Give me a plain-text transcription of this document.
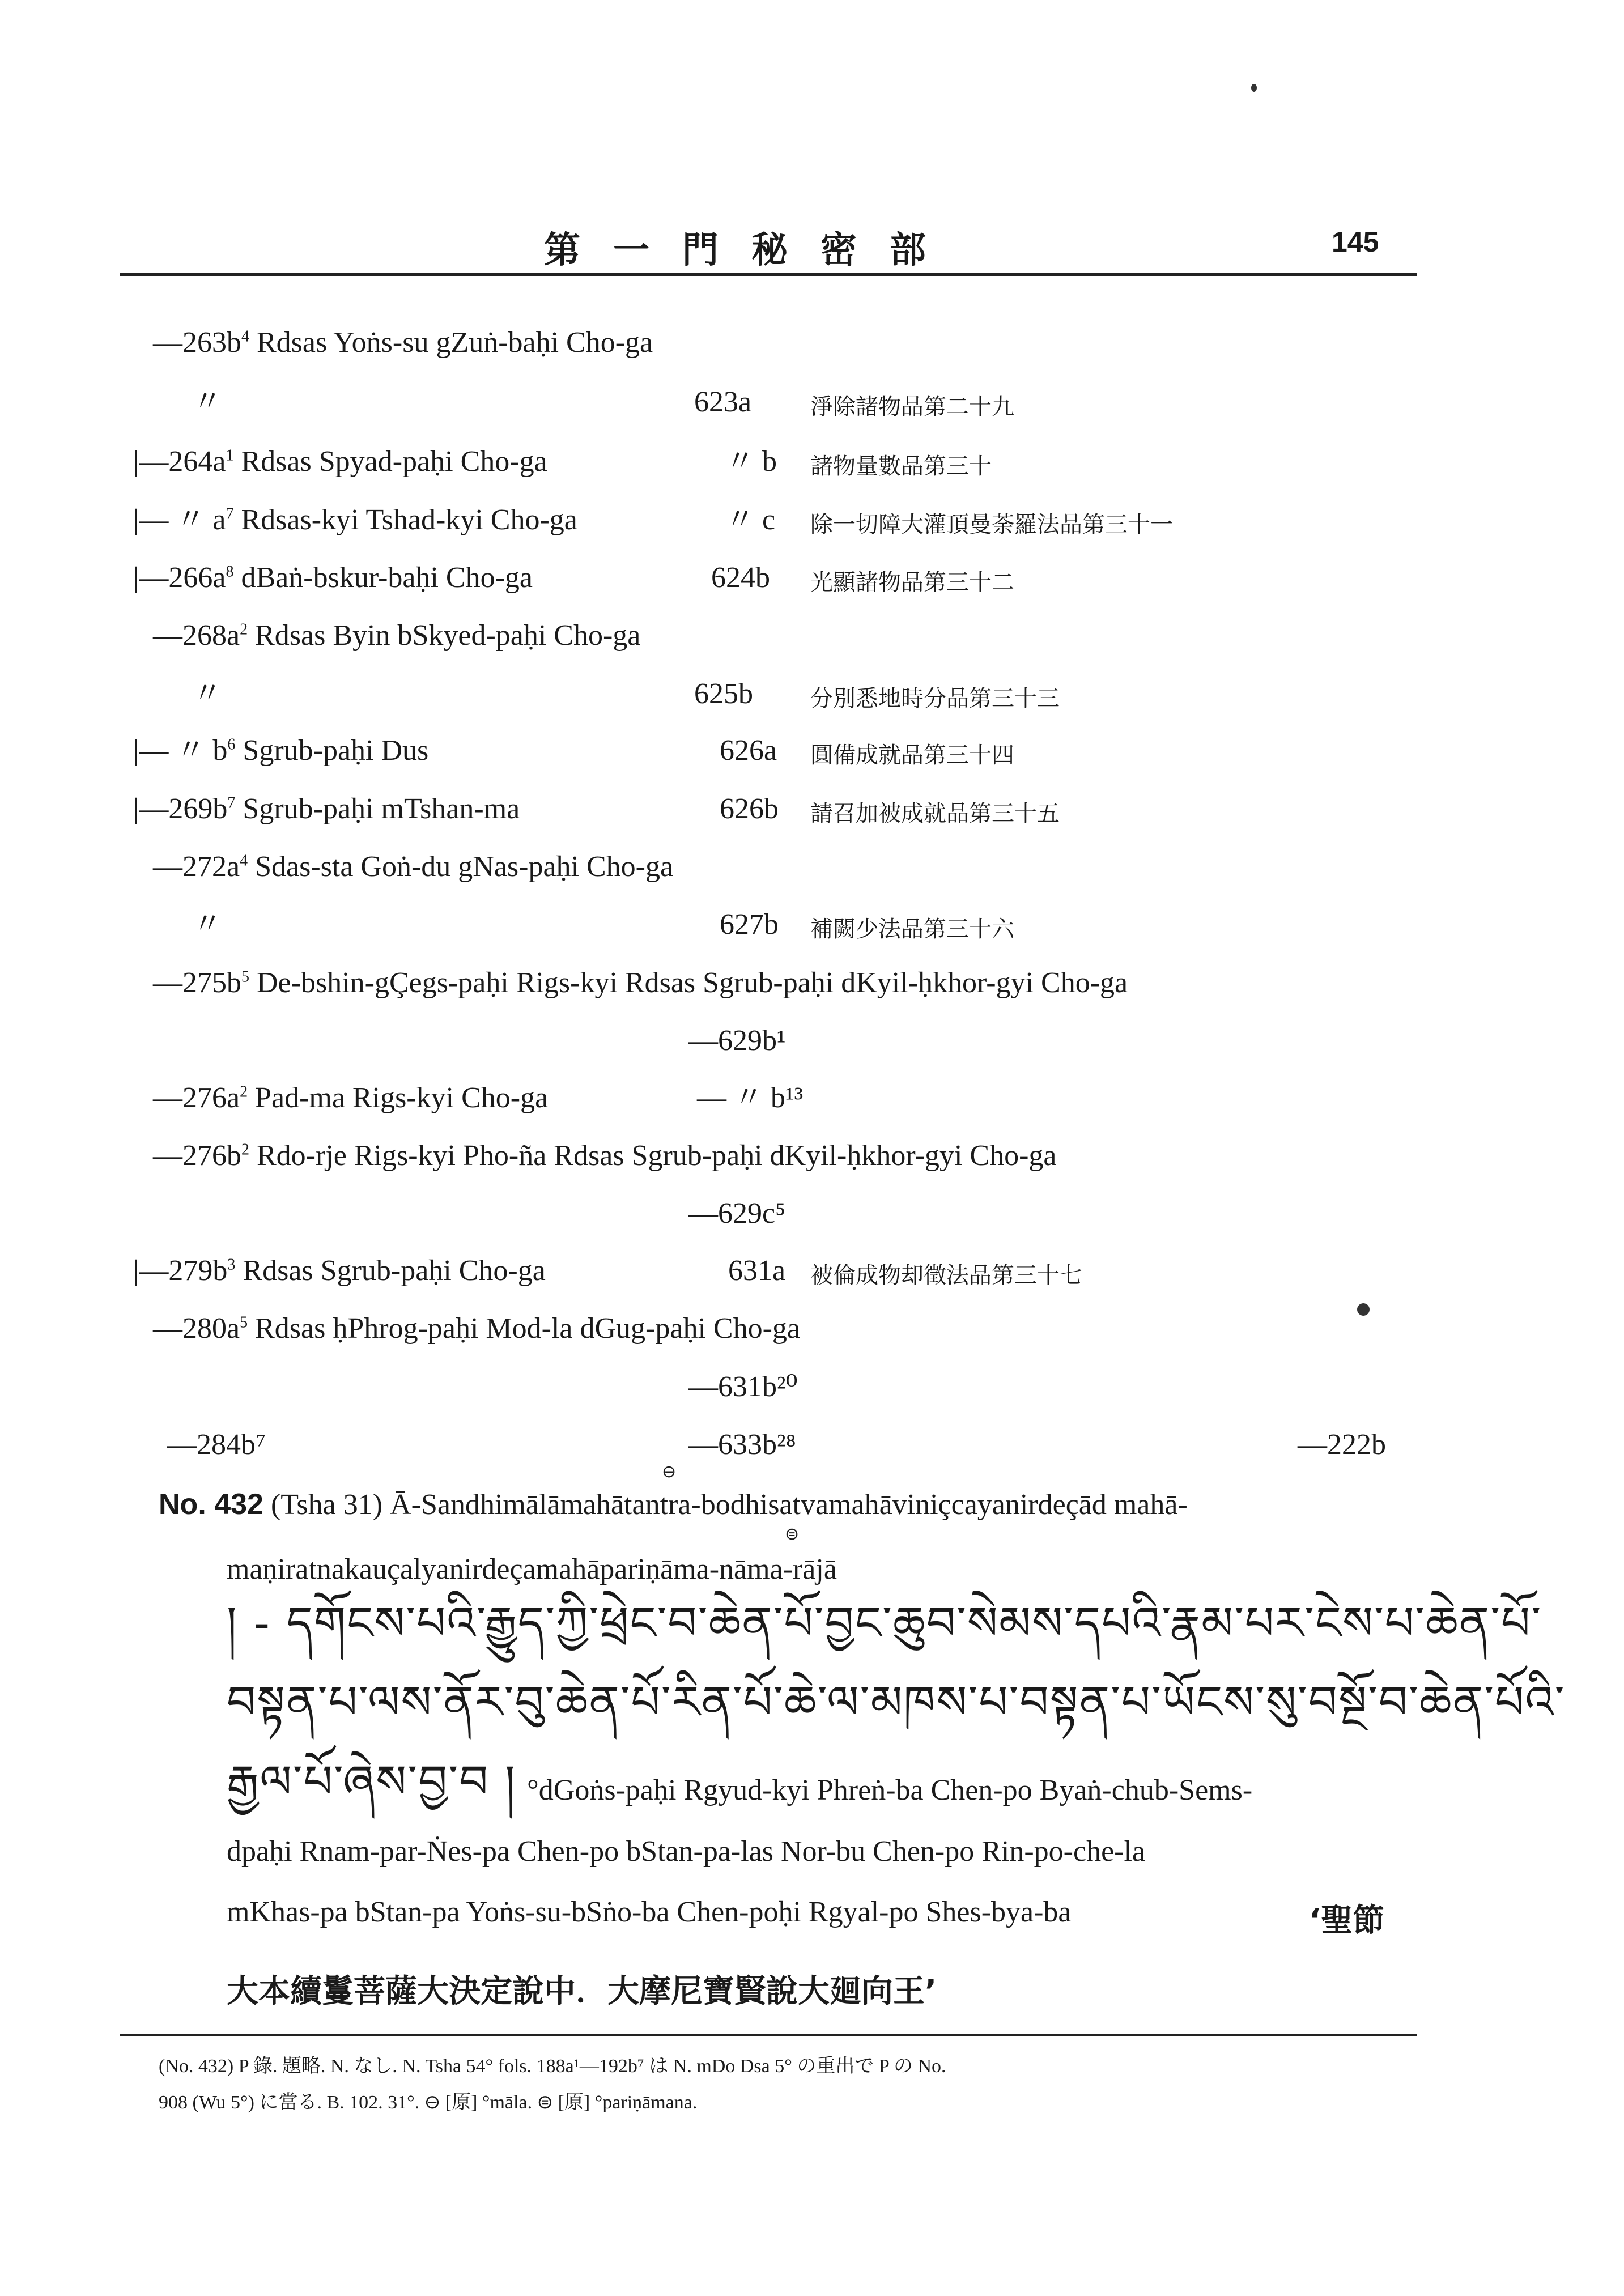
第一門秘密部	145
$—263b^4$ Rdsas Yoṅs-su gZuṅ-baḥi Cho-ga
〃	623a	淨除諸物品第二十九
$|—264a^1$ Rdsas Spyad-paḥi Cho-ga	〃 b 諸物量數品第三十
|— 〃 $a^7$ Rdsas-kyi Tshad-kyi Cho-ga	〃 c 除一切障大灌頂曼荼羅法品第三十一
$|—266a^8$ dBaṅ-bskur-baḥi Cho-ga	624b 光顯諸物品第三十二
$—268a^2$ Rdsas Byin bSkyed-paḥi Cho-ga
〃	625b	分別悉地時分品第三十三
|— 〃 $b^6$ Sgrub-paḥi Dus	626a 圓備成就品第三十四
$|—269b^7$ Sgrub-paḥi mTshan-ma	626b 請召加被成就品第三十五
$—272a^4$ Sdas-sta Goṅ-du gNas-paḥi Cho-ga
〃	627b 補闕少法品第三十六
$—275b^5$ De-bshin-gÇegs-paḥi Rigs-kyi Rdsas Sgrub-paḥi dKyil-ḥkhor-gyi Cho-ga
—629b¹
$—276a^2$ Pad-ma Rigs-kyi Cho-ga	— 〃 b¹³
$—276b^2$ Rdo-rje Rigs-kyi Pho-ña Rdsas Sgrub-paḥi dKyil-ḥkhor-gyi Cho-ga
—629c⁵
$|—279b^3$ Rdsas Sgrub-paḥi Cho-ga	631a 被倫成物却徵法品第三十七
$—280a^5$ Rdsas ḥPhrog-paḥi Mod-la dGug-paḥi Cho-ga
—631b²⁰
—284b⁷	—633b²⁸	—222b
No. 432 (Tsha 31) Ā-Sandhimālāmahātantra-bodhisatvamahāviniçcayanirdeçād mahā-
⊖
maṇiratnakauçalyanirdeçamahāpariṇāma-nāma-rājā
⊜
། - དགོངས་པའི་རྒྱུད་ཀྱི་ཕྲེང་བ་ཆེན་པོ་བྱང་ཆུབ་སེམས་དཔའི་རྣམ་པར་ངེས་པ་ཆེན་པོ་
བསྟན་པ་ལས་ནོར་བུ་ཆེན་པོ་རིན་པོ་ཆེ་ལ་མཁས་པ་བསྟན་པ་ཡོངས་སུ་བསྔོ་བ་ཆེན་པོའི་
རྒྱལ་པོ་ཞེས་བྱ་བ ། °dGoṅs-paḥi Rgyud-kyi Phreṅ-ba Chen-po Byaṅ-chub-Sems-
dpaḥi Rnam-par-Ṅes-pa Chen-po bStan-pa-las Nor-bu Chen-po Rin-po-che-la
mKhas-pa bStan-pa Yoṅs-su-bSṅo-ba Chen-poḥi Rgyal-po Shes-bya-ba	‘聖節
大本續鬘菩薩大決定說中．大摩尼寶賢說大廻向王’
(No. 432) P 錄. 題略. N. なし. N. Tsha 54° fols. 188a¹—192b⁷ は N. mDo Dsa 5° の重出で P の No.
908 (Wu 5°) に當る. B. 102. 31°. ⊖ [原] °māla. ⊜ [原] °pariṇāmana.
